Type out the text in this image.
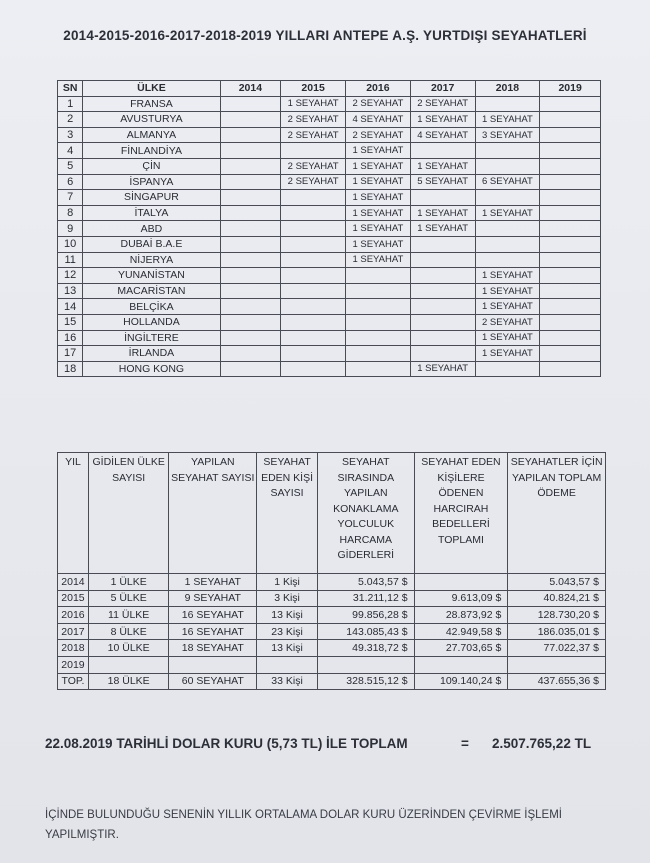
2014-2015-2016-2017-2018-2019 YILLARI ANTEPE A.Ş. YURTDIŞI SEYAHATLERİ
SN	ÜLKE	2014	2015	2016	2017	2018	2019
1	FRANSA		1 SEYAHAT	2 SEYAHAT	2 SEYAHAT		
2	AVUSTURYA		2 SEYAHAT	4 SEYAHAT	1 SEYAHAT	1 SEYAHAT	
3	ALMANYA		2 SEYAHAT	2 SEYAHAT	4 SEYAHAT	3 SEYAHAT	
4	FİNLANDİYA			1 SEYAHAT			
5	ÇİN		2 SEYAHAT	1 SEYAHAT	1 SEYAHAT		
6	İSPANYA		2 SEYAHAT	1 SEYAHAT	5 SEYAHAT	6 SEYAHAT	
7	SİNGAPUR			1 SEYAHAT			
8	İTALYA			1 SEYAHAT	1 SEYAHAT	1 SEYAHAT	
9	ABD			1 SEYAHAT	1 SEYAHAT		
10	DUBAİ B.A.E			1 SEYAHAT			
11	NİJERYA			1 SEYAHAT			
12	YUNANİSTAN					1 SEYAHAT	
13	MACARİSTAN					1 SEYAHAT	
14	BELÇİKA					1 SEYAHAT	
15	HOLLANDA					2 SEYAHAT	
16	İNGİLTERE					1 SEYAHAT	
17	İRLANDA					1 SEYAHAT	
18	HONG KONG				1 SEYAHAT		
YIL	GİDİLEN ÜLKE SAYISI	YAPILAN SEYAHAT SAYISI	SEYAHAT EDEN KİŞİ SAYISI	SEYAHAT SIRASINDA YAPILAN KONAKLAMA YOLCULUK HARCAMA GİDERLERİ	SEYAHAT EDEN KİŞİLERE ÖDENEN HARCIRAH BEDELLERİ TOPLAMI	SEYAHATLER İÇİN YAPILAN TOPLAM ÖDEME
2014	1 ÜLKE	1 SEYAHAT	1 Kişi	5.043,57 $		5.043,57 $
2015	5 ÜLKE	9 SEYAHAT	3 Kişi	31.211,12 $	9.613,09 $	40.824,21 $
2016	11 ÜLKE	16 SEYAHAT	13 Kişi	99.856,28 $	28.873,92 $	128.730,20 $
2017	8 ÜLKE	16 SEYAHAT	23 Kişi	143.085,43 $	42.949,58 $	186.035,01 $
2018	10 ÜLKE	18 SEYAHAT	13 Kişi	49.318,72 $	27.703,65 $	77.022,37 $
2019						
TOP.	18 ÜLKE	60 SEYAHAT	33 Kişi	328.515,12 $	109.140,24 $	437.655,36 $
22.08.2019 TARİHLİ DOLAR KURU (5,73 TL) İLE TOPLAM	= 2.507.765,22 TL
İÇİNDE BULUNDUĞU SENENİN YILLIK ORTALAMA DOLAR KURU ÜZERİNDEN ÇEVİRME İŞLEMİ YAPILMIŞTIR.
